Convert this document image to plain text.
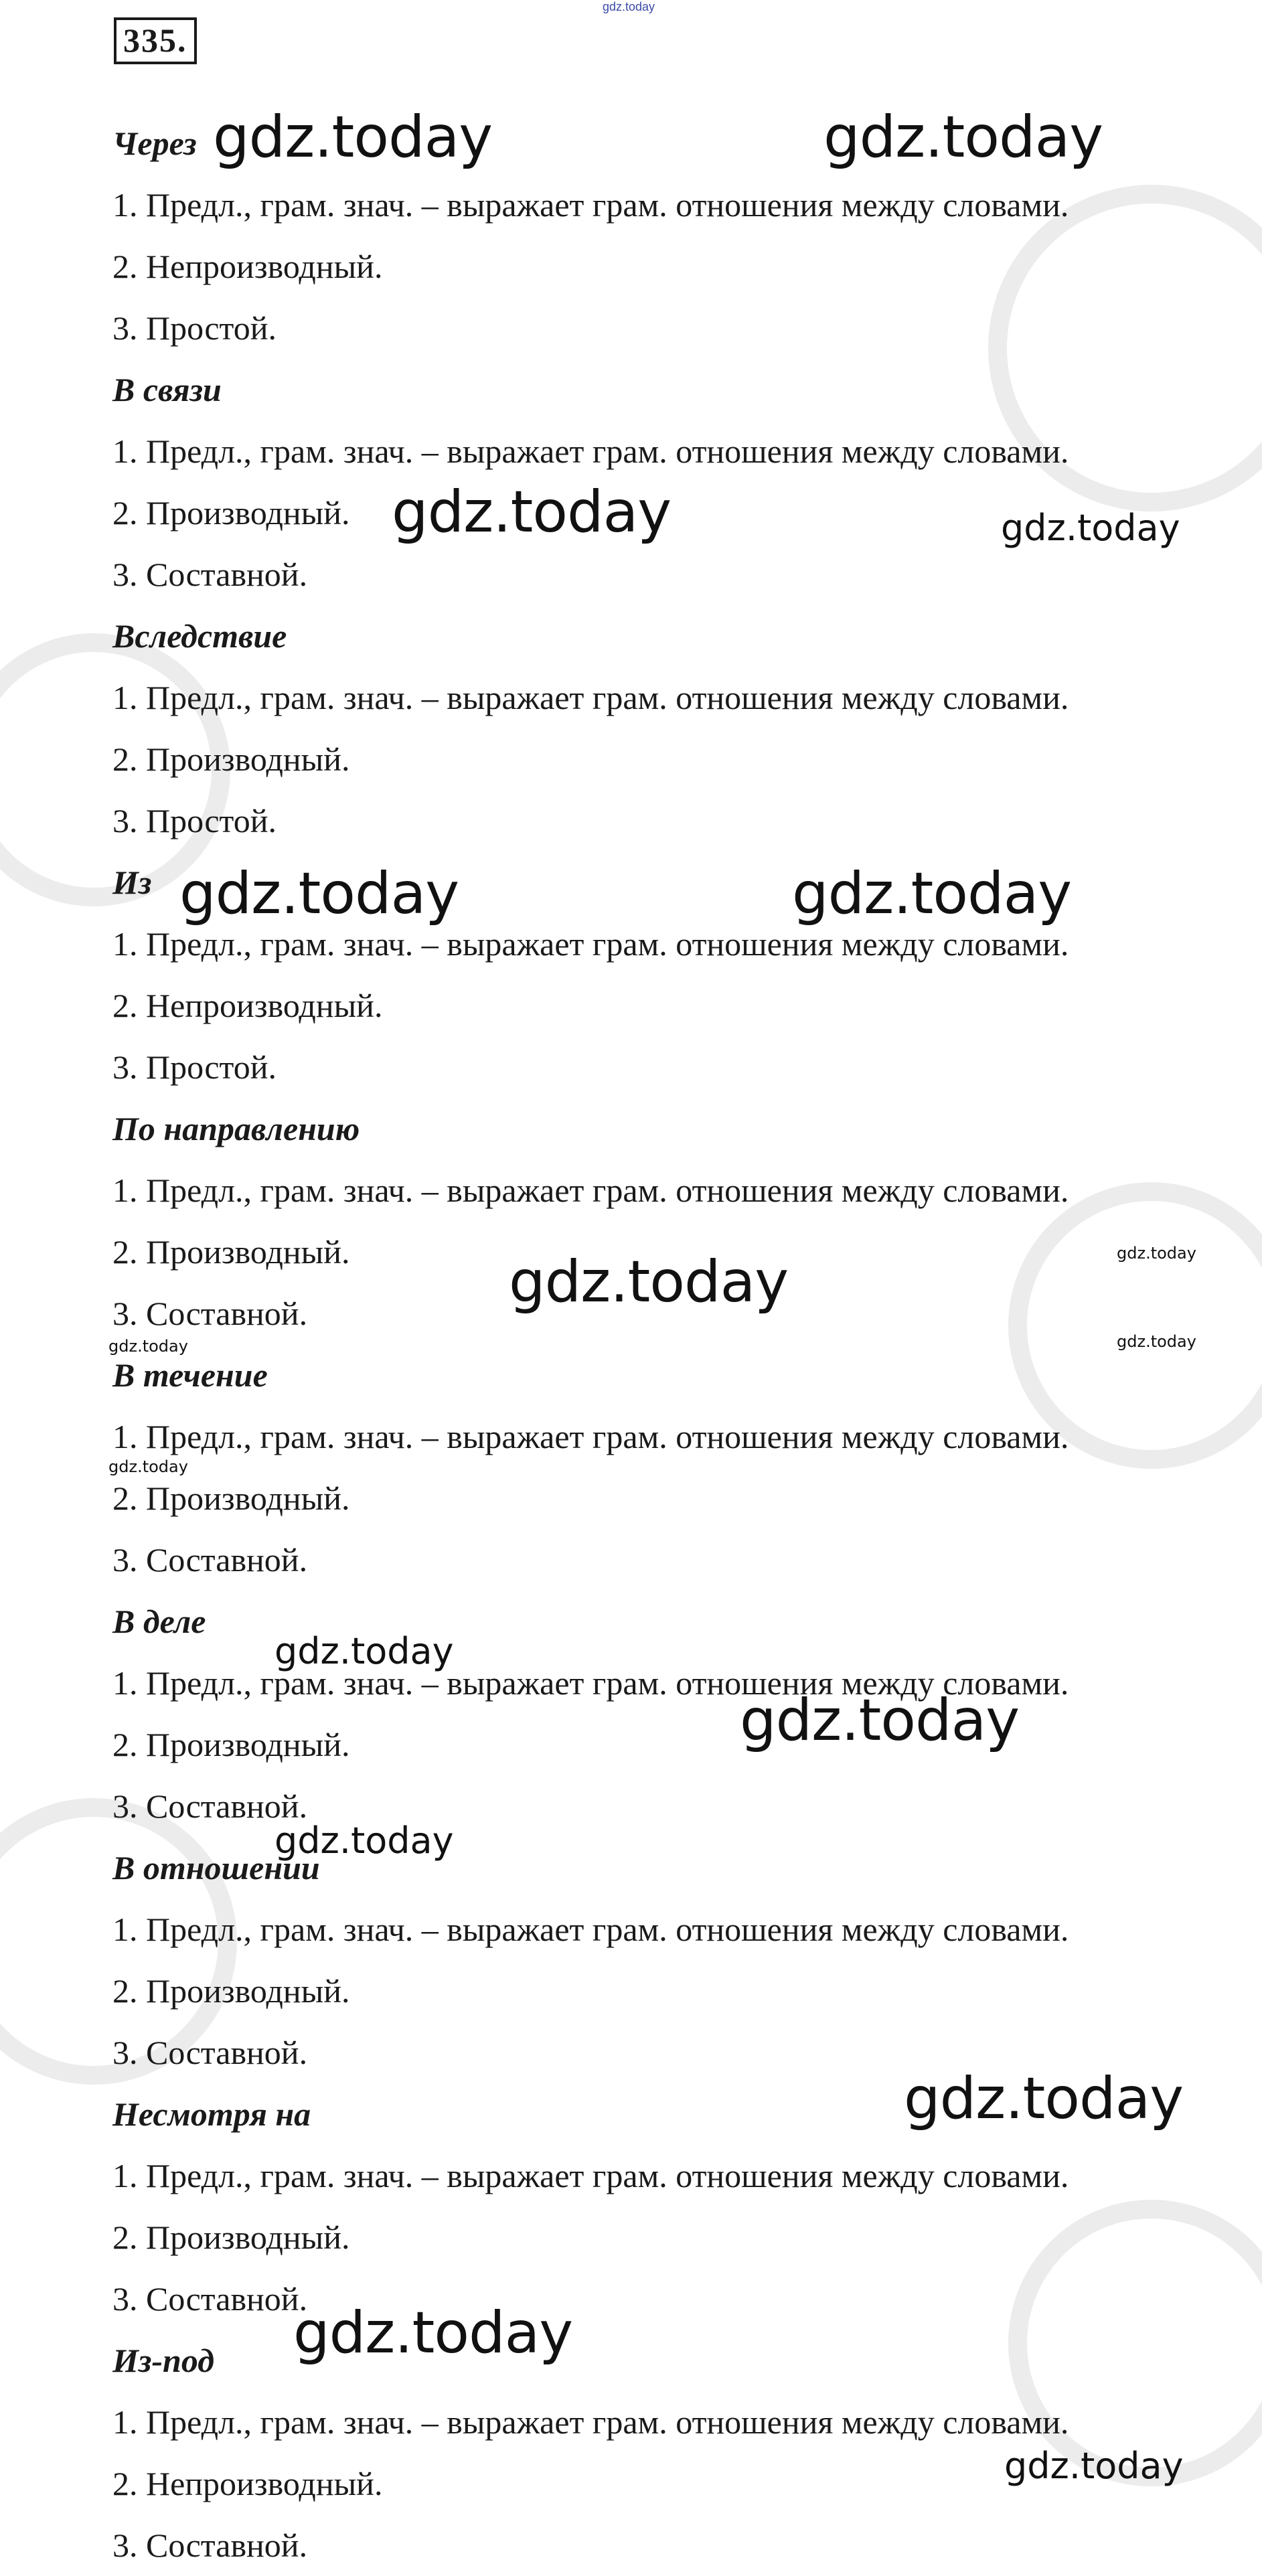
gdz.today
335.
Через
1. Предл., грам. знач. – выражает грам. отношения между словами.
2. Непроизводный.
3. Простой.
В связи
1. Предл., грам. знач. – выражает грам. отношения между словами.
2. Производный.
3. Составной.
Вследствие
1. Предл., грам. знач. – выражает грам. отношения между словами.
2. Производный.
3. Простой.
Из
1. Предл., грам. знач. – выражает грам. отношения между словами.
2. Непроизводный.
3. Простой.
По направлению
1. Предл., грам. знач. – выражает грам. отношения между словами.
2. Производный.
3. Составной.
В течение
1. Предл., грам. знач. – выражает грам. отношения между словами.
2. Производный.
3. Составной.
В деле
1. Предл., грам. знач. – выражает грам. отношения между словами.
2. Производный.
3. Составной.
В отношении
1. Предл., грам. знач. – выражает грам. отношения между словами.
2. Производный.
3. Составной.
Несмотря на
1. Предл., грам. знач. – выражает грам. отношения между словами.
2. Производный.
3. Составной.
Из-под
1. Предл., грам. знач. – выражает грам. отношения между словами.
2. Непроизводный.
3. Составной.
gdz.today	gdz.today
gdz.today	gdz.today
gdz.today	gdz.today
gdz.today	gdz.today
gdz.today	gdz.today
gdz.today
gdz.today
gdz.today
gdz.today
gdz.today
gdz.today
gdz.today
